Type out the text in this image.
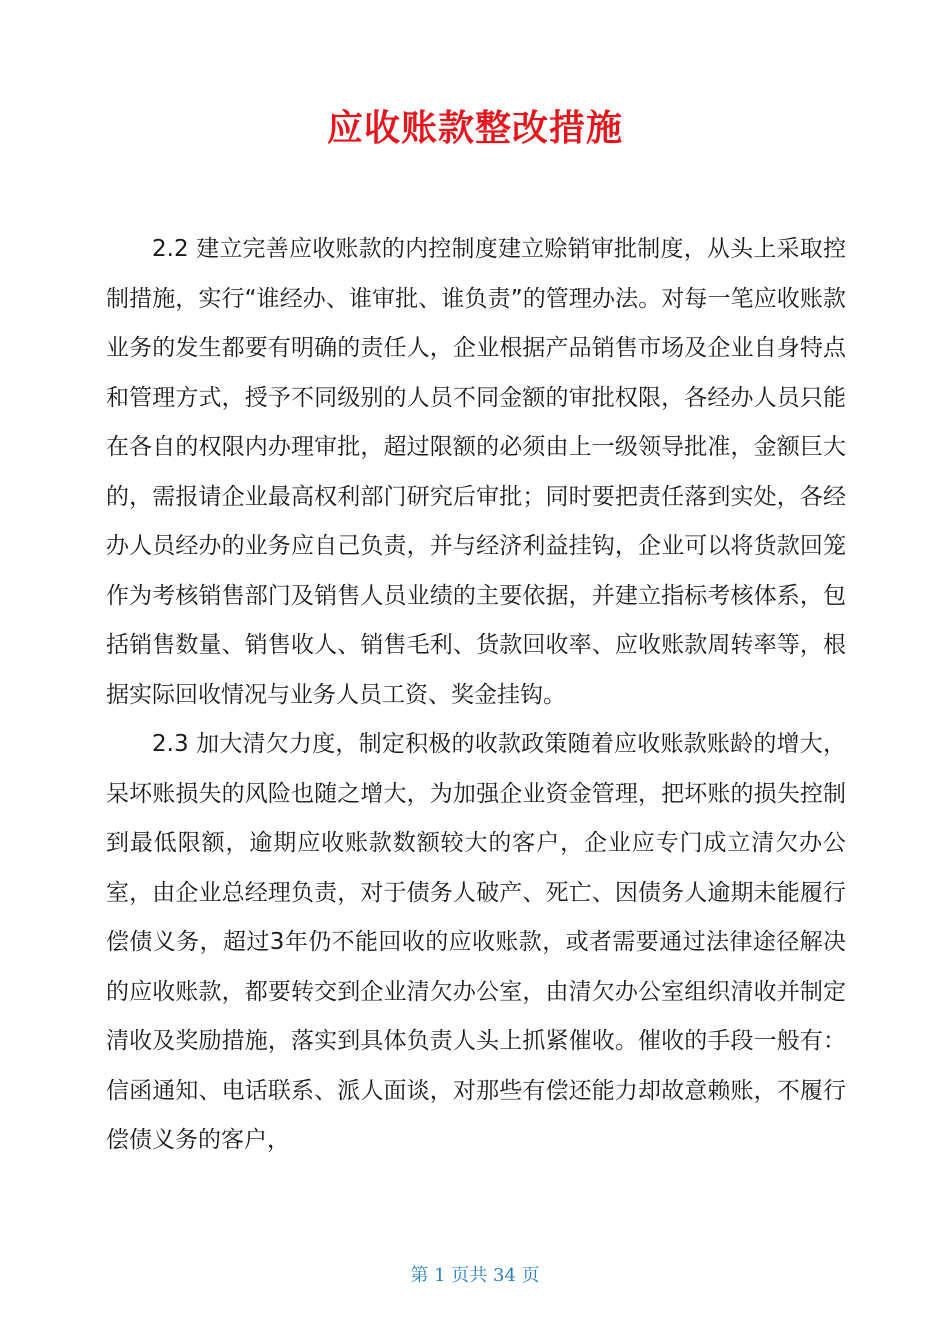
应收账款整改措施

2.2 建立完善应收账款的内控制度建立赊销审批制度，从头上采取控制措施，实行“谁经办、谁审批、谁负责”的管理办法。对每一笔应收账款业务的发生都要有明确的责任人，企业根据产品销售市场及企业自身特点和管理方式，授予不同级别的人员不同金额的审批权限，各经办人员只能在各自的权限内办理审批，超过限额的必须由上一级领导批准，金额巨大的，需报请企业最高权利部门研究后审批；同时要把责任落到实处，各经办人员经办的业务应自己负责，并与经济利益挂钩，企业可以将货款回笼作为考核销售部门及销售人员业绩的主要依据，并建立指标考核体系，包括销售数量、销售收人、销售毛利、货款回收率、应收账款周转率等，根据实际回收情况与业务人员工资、奖金挂钩。

2.3 加大清欠力度，制定积极的收款政策随着应收账款账龄的增大，呆坏账损失的风险也随之增大，为加强企业资金管理，把坏账的损失控制到最低限额，逾期应收账款数额较大的客户，企业应专门成立清欠办公室，由企业总经理负责，对于债务人破产、死亡、因债务人逾期未能履行偿债义务，超过3年仍不能回收的应收账款，或者需要通过法律途径解决的应收账款，都要转交到企业清欠办公室，由清欠办公室组织清收并制定清收及奖励措施，落实到具体负责人头上抓紧催收。催收的手段一般有：信函通知、电话联系、派人面谈，对那些有偿还能力却故意赖账，不履行偿债义务的客户，

第 1 页共 34 页
